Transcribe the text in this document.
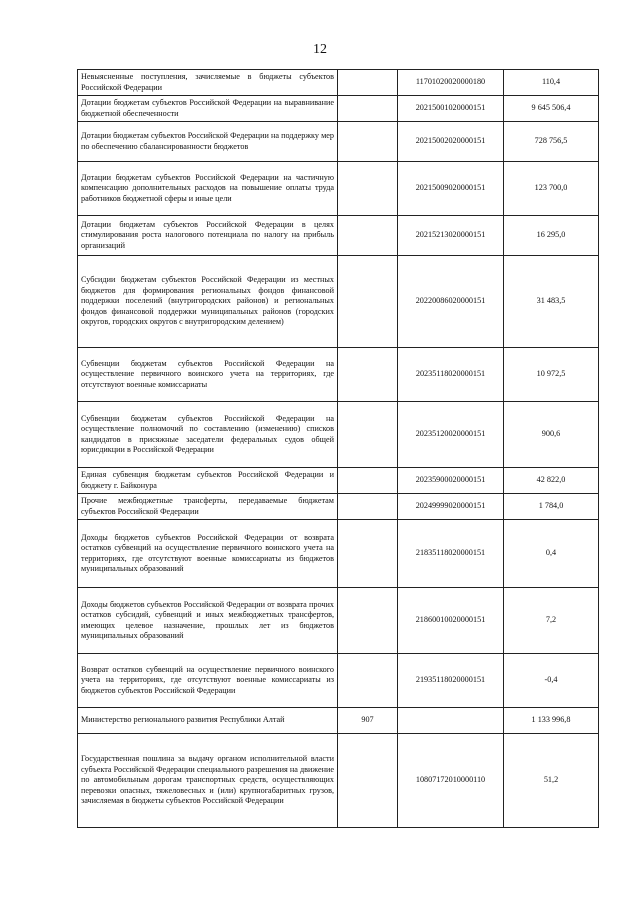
12
Невыясненные поступления, зачисляемые в бюджеты субъектов Российской Федерации		11701020020000180	110,4
Дотации бюджетам субъектов Российской Федерации на выравнивание бюджетной обеспеченности		20215001020000151	9 645 506,4
Дотации бюджетам субъектов Российской Федерации на поддержку мер по обеспечению сбалансированности бюджетов		20215002020000151	728 756,5
Дотации бюджетам субъектов Российской Федерации на частичную компенсацию дополнительных расходов на повышение оплаты труда работников бюджетной сферы и иные цели		20215009020000151	123 700,0
Дотации бюджетам субъектов Российской Федерации в целях стимулирования роста налогового потенциала по налогу на прибыль организаций		20215213020000151	16 295,0
Субсидии бюджетам субъектов Российской Федерации из местных бюджетов для формирования региональных фондов финансовой поддержки поселений (внутригородских районов) и региональных фондов финансовой поддержки муниципальных районов (городских округов, городских округов с внутригородским делением)		20220086020000151	31 483,5
Субвенции бюджетам субъектов Российской Федерации на осуществление первичного воинского учета на территориях, где отсутствуют военные комиссариаты		20235118020000151	10 972,5
Субвенции бюджетам субъектов Российской Федерации на осуществление полномочий по составлению (изменению) списков кандидатов в присяжные заседатели федеральных судов общей юрисдикции в Российской Федерации		20235120020000151	900,6
Единая субвенция бюджетам субъектов Российской Федерации и бюджету г. Байконура		20235900020000151	42 822,0
Прочие межбюджетные трансферты, передаваемые бюджетам субъектов Российской Федерации		20249999020000151	1 784,0
Доходы бюджетов субъектов Российской Федерации от возврата остатков субвенций на осуществление первичного воинского учета на территориях, где отсутствуют военные комиссариаты из бюджетов муниципальных образований		21835118020000151	0,4
Доходы бюджетов субъектов Российской Федерации от возврата прочих остатков субсидий, субвенций и иных межбюджетных трансфертов, имеющих целевое назначение, прошлых лет из бюджетов муниципальных образований		21860010020000151	7,2
Возврат остатков субвенций на осуществление первичного воинского учета на территориях, где отсутствуют военные комиссариаты из бюджетов субъектов Российской Федерации		21935118020000151	-0,4
Министерство регионального развития Республики Алтай	907		1 133 996,8
Государственная пошлина за выдачу органом исполнительной власти субъекта Российской Федерации специального разрешения на движение по автомобильным дорогам транспортных средств, осуществляющих перевозки опасных, тяжеловесных и (или) крупногабаритных грузов, зачисляемая в бюджеты субъектов Российской Федерации		10807172010000110	51,2
